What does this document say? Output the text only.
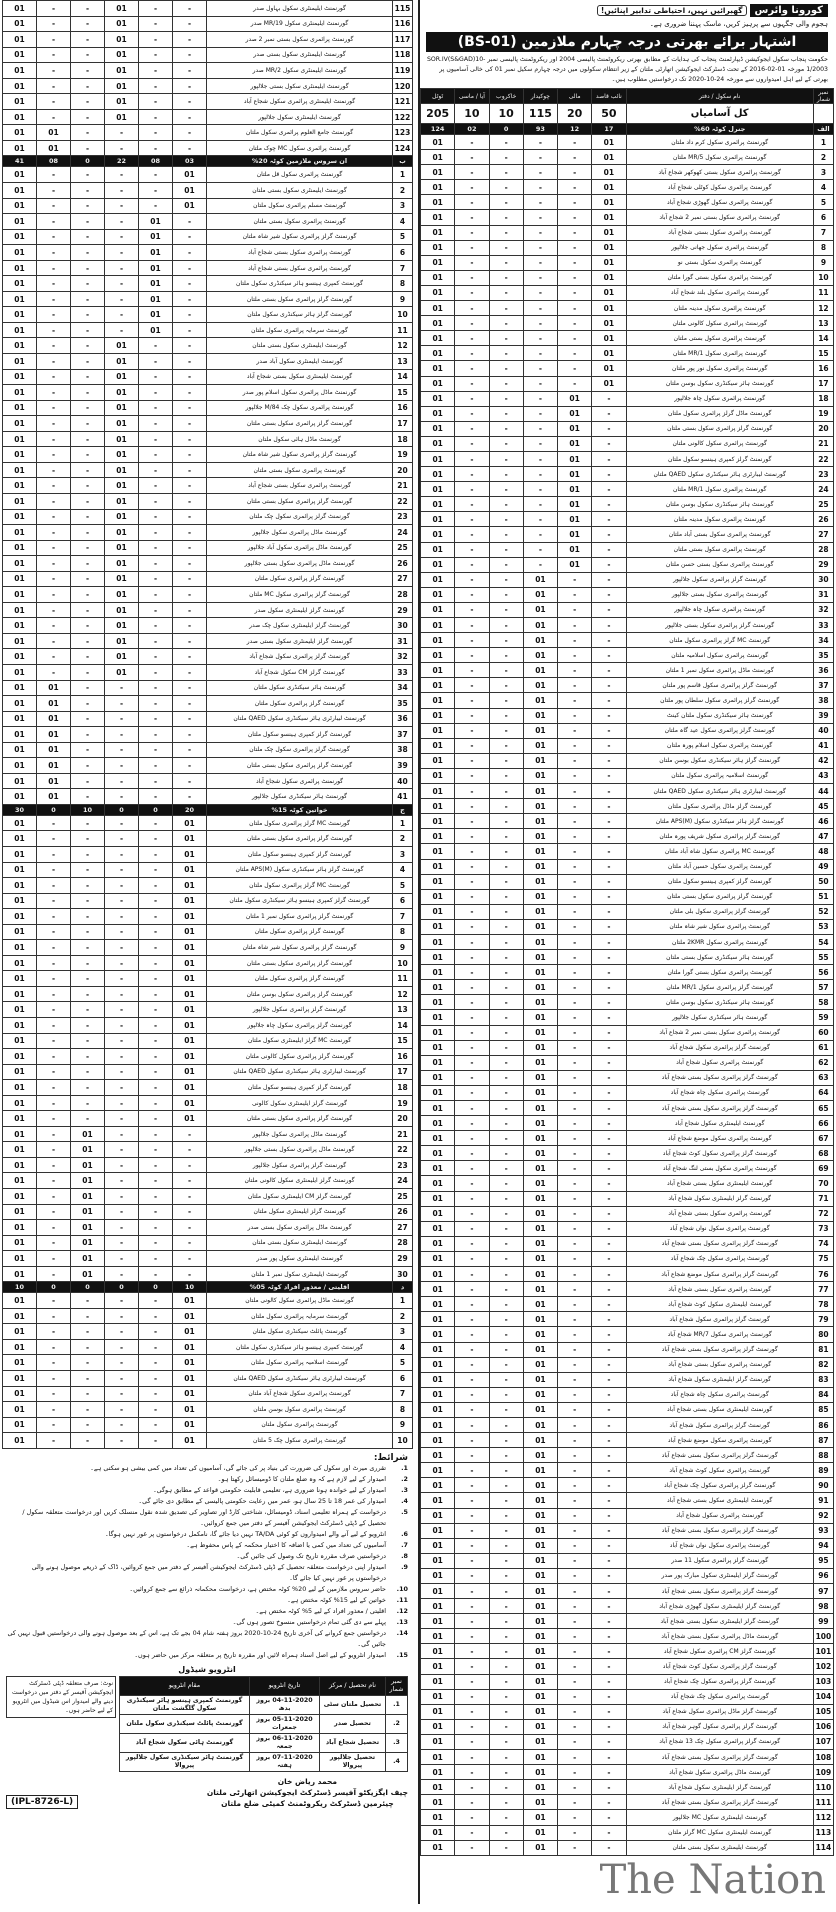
115	گورنمنٹ ایلیمنٹری سکول بہاول صدر	-	-	01	-	-	01
116	گورنمنٹ ایلیمنٹری سکول 19/MR صدر	-	-	01	-	-	01
117	گورنمنٹ پرائمری سکول بستی نمبر 2 صدر	-	-	01	-	-	01
118	گورنمنٹ ایلیمنٹری سکول بستی صدر	-	-	01	-	-	01
119	گورنمنٹ ایلیمنٹری سکول 2/MR صدر	-	-	01	-	-	01
120	گورنمنٹ ایلیمنٹری سکول بستی جلالپور	-	-	01	-	-	01
121	گورنمنٹ ایلیمنٹری پرائمری سکول شجاع آباد	-	-	01	-	-	01
122	گورنمنٹ ایلیمنٹری سکول جلالپور	-	-	01	-	-	01
123	گورنمنٹ جامع العلوم پرائمری سکول ملتان	-	-	-	-	01	01
124	گورنمنٹ پرائمری سکول MC چوک ملتان	-	-	-	-	01	01
ب	ان سروس ملازمین کوٹہ 20%	03	08	22	0	08	41
1	گورنمنٹ پرائمری سکول قل ملتان	01	-	-	-	-	01
2	گورنمنٹ ایلیمنٹری سکول بستی ملتان	01	-	-	-	-	01
3	گورنمنٹ مسلم پرائمری سکول ملتان	01	-	-	-	-	01
4	گورنمنٹ پرائمری سکول بستی ملتان	-	01	-	-	-	01
5	گورنمنٹ گرلز پرائمری سکول شیر شاہ ملتان	-	01	-	-	-	01
6	گورنمنٹ پرائمری سکول بستی شجاع آباد	-	01	-	-	-	01
7	گورنمنٹ پرائمری سکول بستی شجاع آباد	-	01	-	-	-	01
8	گورنمنٹ کمپری ہینسو ہائر سیکنڈری سکول ملتان	-	01	-	-	-	01
9	گورنمنٹ گرلز پرائمری سکول بستی ملتان	-	01	-	-	-	01
10	گورنمنٹ گرلز ہائر سیکنڈری سکول ملتان	-	01	-	-	-	01
11	گورنمنٹ سرمایہ پرائمری سکول ملتان	-	01	-	-	-	01
12	گورنمنٹ ایلیمنٹری سکول بستی ملتان	-	-	01	-	-	01
13	گورنمنٹ ایلیمنٹری سکول آباد صدر	-	-	01	-	-	01
14	گورنمنٹ ایلیمنٹری سکول بستی شجاع آباد	-	-	01	-	-	01
15	گورنمنٹ ماڈل پرائمری سکول اسلام پور صدر	-	-	01	-	-	01
16	گورنمنٹ پرائمری سکول چک 84/M جلالپور	-	-	01	-	-	01
17	گورنمنٹ گرلز پرائمری سکول بستی ملتان	-	-	01	-	-	01
18	گورنمنٹ ماڈل ہائی سکول ملتان	-	-	01	-	-	01
19	گورنمنٹ گرلز پرائمری سکول شیر شاہ ملتان	-	-	01	-	-	01
20	گورنمنٹ پرائمری سکول بستی ملتان	-	-	01	-	-	01
21	گورنمنٹ پرائمری سکول بستی شجاع آباد	-	-	01	-	-	01
22	گورنمنٹ گرلز پرائمری سکول بستی ملتان	-	-	01	-	-	01
23	گورنمنٹ گرلز پرائمری سکول چک ملتان	-	-	01	-	-	01
24	گورنمنٹ ماڈل پرائمری سکول جلالپور	-	-	01	-	-	01
25	گورنمنٹ ماڈل پرائمری سکول آباد جلالپور	-	-	01	-	-	01
26	گورنمنٹ ماڈل پرائمری سکول بستی جلالپور	-	-	01	-	-	01
27	گورنمنٹ گرلز پرائمری سکول ملتان	-	-	01	-	-	01
28	گورنمنٹ گرلز پرائمری سکول MC ملتان	-	-	01	-	-	01
29	گورنمنٹ گرلز ایلیمنٹری سکول صدر	-	-	01	-	-	01
30	گورنمنٹ گرلز ایلیمنٹری سکول چک صدر	-	-	01	-	-	01
31	گورنمنٹ گرلز ایلیمنٹری سکول بستی صدر	-	-	01	-	-	01
32	گورنمنٹ گرلز پرائمری سکول شجاع آباد	-	-	01	-	-	01
33	گورنمنٹ گرلز CM سکول شجاع آباد	-	-	01	-	-	01
34	گورنمنٹ ہائر سیکنڈری سکول ملتان	-	-	-	-	01	01
35	گورنمنٹ گرلز پرائمری سکول ملتان	-	-	-	-	01	01
36	گورنمنٹ لیبارٹری ہائر سیکنڈری سکول QAED ملتان	-	-	-	-	01	01
37	گورنمنٹ گرلز کمپری ہینسو سکول ملتان	-	-	-	-	01	01
38	گورنمنٹ گرلز پرائمری سکول چک ملتان	-	-	-	-	01	01
39	گورنمنٹ گرلز پرائمری سکول بستی ملتان	-	-	-	-	01	01
40	گورنمنٹ پرائمری سکول شجاع آباد	-	-	-	-	01	01
41	گورنمنٹ ہائر سیکنڈری سکول جلالپور	-	-	-	-	01	01
ج	خواتین کوٹہ 15%	20	0	0	10	0	30
1	گورنمنٹ MC گرلز پرائمری سکول ملتان	01	-	-	-	-	01
2	گورنمنٹ گرلز پرائمری سکول بستی ملتان	01	-	-	-	-	01
3	گورنمنٹ گرلز کمپری ہینسو سکول ملتان	01	-	-	-	-	01
4	گورنمنٹ گرلز ہائر سیکنڈری سکول APS(M) ملتان	01	-	-	-	-	01
5	گورنمنٹ MC گرلز پرائمری سکول ملتان	01	-	-	-	-	01
6	گورنمنٹ گرلز کمپری ہینسو ہائر سیکنڈری سکول ملتان	01	-	-	-	-	01
7	گورنمنٹ گرلز پرائمری سکول نمبر 1 ملتان	01	-	-	-	-	01
8	گورنمنٹ گرلز پرائمری سکول ملتان	01	-	-	-	-	01
9	گورنمنٹ گرلز پرائمری سکول شیر شاہ ملتان	01	-	-	-	-	01
10	گورنمنٹ گرلز پرائمری سکول بستی ملتان	01	-	-	-	-	01
11	گورنمنٹ گرلز پرائمری سکول ملتان	01	-	-	-	-	01
12	گورنمنٹ گرلز پرائمری سکول بوسن ملتان	01	-	-	-	-	01
13	گورنمنٹ گرلز پرائمری سکول جلالپور	01	-	-	-	-	01
14	گورنمنٹ گرلز پرائمری سکول چاہ جلالپور	01	-	-	-	-	01
15	گورنمنٹ MC گرلز ایلیمنٹری سکول ملتان	01	-	-	-	-	01
16	گورنمنٹ گرلز پرائمری سکول کالونی ملتان	01	-	-	-	-	01
17	گورنمنٹ لیبارٹری ہائر سیکنڈری سکول QAED ملتان	01	-	-	-	-	01
18	گورنمنٹ گرلز کمپری ہینسو سکول ملتان	01	-	-	-	-	01
19	گورنمنٹ گرلز ایلیمنٹری سکول کالونی	01	-	-	-	-	01
20	گورنمنٹ گرلز پرائمری سکول بستی ملتان	01	-	-	-	-	01
21	گورنمنٹ ماڈل پرائمری سکول جلالپور	-	-	-	01	-	01
22	گورنمنٹ ماڈل پرائمری سکول بستی جلالپور	-	-	-	01	-	01
23	گورنمنٹ گرلز پرائمری سکول جلالپور	-	-	-	01	-	01
24	گورنمنٹ گرلز ایلیمنٹری سکول کالونی ملتان	-	-	-	01	-	01
25	گورنمنٹ گرلز CM ایلیمنٹری سکول ملتان	-	-	-	01	-	01
26	گورنمنٹ گرلز ایلیمنٹری سکول ملتان	-	-	-	01	-	01
27	گورنمنٹ ماڈل پرائمری سکول بستی صدر	-	-	-	01	-	01
28	گورنمنٹ ایلیمنٹری سکول بستی ملتان	-	-	-	01	-	01
29	گورنمنٹ ایلیمنٹری سکول پور صدر	-	-	-	01	-	01
30	گورنمنٹ ایلیمنٹری سکول نمبر 1 ملتان	-	-	-	01	-	01
د	اقلیتی / معذور افراد کوٹہ 05%	10	0	0	0	0	10
1	گورنمنٹ ماڈل پرائمری سکول کالونی ملتان	01	-	-	-	-	01
2	گورنمنٹ سرمایہ پرائمری سکول ملتان	01	-	-	-	-	01
3	گورنمنٹ پائلٹ سیکنڈری سکول ملتان	01	-	-	-	-	01
4	گورنمنٹ کمپری ہینسو ہائر سیکنڈری سکول ملتان	01	-	-	-	-	01
5	گورنمنٹ اسلامیہ پرائمری سکول ملتان	01	-	-	-	-	01
6	گورنمنٹ لیبارٹری ہائر سیکنڈری سکول QAED ملتان	01	-	-	-	-	01
7	گورنمنٹ پرائمری سکول شجاع آباد ملتان	01	-	-	-	-	01
8	گورنمنٹ پرائمری سکول بوسن ملتان	01	-	-	-	-	01
9	گورنمنٹ پرائمری سکول ملتان	01	-	-	-	-	01
10	گورنمنٹ پرائمری سکول چک 5 ملتان	01	-	-	-	-	01
شرائط:
1.
تقرری میرٹ اور سکول کی ضرورت کی بنیاد پر کی جائے گی، آسامیوں کی تعداد میں کمی بیشی ہو سکتی ہے۔
2.
امیدوار کے لیے لازم ہے کہ وہ ضلع ملتان کا ڈومیسائل رکھتا ہو۔
3.
امیدوار کے لیے خواندہ ہونا ضروری ہے، تعلیمی قابلیت حکومتی قواعد کے مطابق ہوگی۔
4.
امیدوار کی عمر 18 تا 25 سال ہو، عمر میں رعایت حکومتی پالیسی کے مطابق دی جائے گی۔
5.
درخواست کے ہمراہ تعلیمی اسناد، ڈومیسائل، شناختی کارڈ اور تصاویر کی تصدیق شدہ نقول منسلک کریں اور درخواست متعلقہ سکول / تحصیل کے ڈپٹی ڈسٹرکٹ ایجوکیشن آفیسر کے دفتر میں جمع کروائیں۔
6.
انٹرویو کے لیے آنے والے امیدواروں کو کوئی TA/DA نہیں دیا جائے گا، نامکمل درخواستوں پر غور نہیں ہوگا۔
7.
آسامیوں کی تعداد میں کمی یا اضافہ کا اختیار محکمہ کے پاس محفوظ ہے۔
8.
درخواستیں صرف مقررہ تاریخ تک وصول کی جائیں گی۔
9.
امیدوار اپنی درخواست متعلقہ تحصیل کے ڈپٹی ڈسٹرکٹ ایجوکیشن آفیسر کے دفتر میں جمع کروائیں، ڈاک کے ذریعے موصول ہونے والی درخواستوں پر غور نہیں کیا جائے گا۔
10.
حاضر سروس ملازمین کے لیے 20% کوٹہ مختص ہے، درخواست محکمانہ ذرائع سے جمع کروائیں۔
11.
خواتین کے لیے 15% کوٹہ مختص ہے۔
12.
اقلیتی / معذور افراد کے لیے 5% کوٹہ مختص ہے۔
13.
پہلے سے دی گئی تمام درخواستیں منسوخ تصور ہوں گی۔
14.
درخواستیں جمع کروانے کی آخری تاریخ 24-10-2020 بروز ہفتہ شام 04 بجے تک ہے، اس کے بعد موصول ہونے والی درخواستیں قبول نہیں کی جائیں گی۔
15.
امیدوار انٹرویو کے لیے اصل اسناد ہمراہ لائیں اور مقررہ تاریخ پر متعلقہ مرکز میں حاضر ہوں۔
انٹرویو شیڈول
نمبر شمار	نام تحصیل / مرکز	تاریخ انٹرویو	مقام انٹرویو
1.	تحصیل ملتان سٹی	04-11-2020 بروز بدھ	گورنمنٹ کمپری ہینسو ہائر سیکنڈری سکول گلگشت ملتان
2.	تحصیل صدر	05-11-2020 بروز جمعرات	گورنمنٹ پائلٹ سیکنڈری سکول ملتان
3.	تحصیل شجاع آباد	06-11-2020 بروز جمعہ	گورنمنٹ ہائی سکول شجاع آباد
4.	تحصیل جلالپور پیروالا	07-11-2020 بروز ہفتہ	گورنمنٹ ہائر سیکنڈری سکول جلالپور پیروالا
نوٹ: صرف متعلقہ ڈپٹی ڈسٹرکٹ ایجوکیشن آفیسر کے دفتر میں درخواست دینے والے امیدوار اس شیڈول میں انٹرویو کے لیے حاضر ہوں۔
(IPL-8726-L)
محمد ریاض خان
چیف ایگزیکٹو آفیسر ڈسٹرکٹ ایجوکیشن اتھارٹی ملتان
چیئرمین ڈسٹرکٹ ریکروٹمنٹ کمیٹی ضلع ملتان
کورونا وائرس
گھبرائیں نہیں، احتیاطی تدابیر اپنائیں!
ہجوم والی جگہوں سے پرہیز کریں، ماسک پہننا ضروری ہے۔
اشتہار برائے بھرتی درجہ چہارم ملازمین (BS-01)
حکومت پنجاب سکول ایجوکیشن ڈیپارٹمنٹ پنجاب کی ہدایات کے مطابق بھرتی ریکروٹمنٹ پالیسی 2004 اور ریکروٹمنٹ پالیسی نمبر SOR.IV(S&GAD)10-1/2003 مورخہ 01-02-2016 کے تحت ڈسٹرکٹ ایجوکیشن اتھارٹی ملتان کے زیر انتظام سکولوں میں درجہ چہارم سکیل نمبر 01 کی خالی آسامیوں پر بھرتی کے لیے اہل امیدواروں سے مورخہ 24-10-2020 تک درخواستیں مطلوب ہیں۔
نمبر شمار	نام سکول / دفتر	نائب قاصد	مالی	چوکیدار	خاکروب	آیا / ماسی	ٹوٹل
	کل آسامیاں	50	20	115	10	10	205
الف	جنرل کوٹہ 60%	17	12	93	0	02	124
1	گورنمنٹ پرائمری سکول کرم داد ملتان	01	-	-	-	-	01
2	گورنمنٹ پرائمری سکول 5/MR ملتان	01	-	-	-	-	01
3	گورنمنٹ پرائمری سکول بستی کھوکھر شجاع آباد	01	-	-	-	-	01
4	گورنمنٹ پرائمری سکول کوٹلی شجاع آباد	01	-	-	-	-	01
5	گورنمنٹ پرائمری سکول گھوڑی شجاع آباد	01	-	-	-	-	01
6	گورنمنٹ پرائمری سکول بستی نمبر 2 شجاع آباد	01	-	-	-	-	01
7	گورنمنٹ پرائمری سکول بستی شجاع آباد	01	-	-	-	-	01
8	گورنمنٹ پرائمری سکول جھانی جلالپور	01	-	-	-	-	01
9	گورنمنٹ پرائمری سکول بستی نو	01	-	-	-	-	01
10	گورنمنٹ پرائمری سکول بستی گورا ملتان	01	-	-	-	-	01
11	گورنمنٹ پرائمری سکول بلند شجاع آباد	01	-	-	-	-	01
12	گورنمنٹ پرائمری سکول مدینہ ملتان	01	-	-	-	-	01
13	گورنمنٹ پرائمری سکول کالونی ملتان	01	-	-	-	-	01
14	گورنمنٹ پرائمری سکول بستی ملتان	01	-	-	-	-	01
15	گورنمنٹ پرائمری سکول 1/MR ملتان	01	-	-	-	-	01
16	گورنمنٹ پرائمری سکول نور پور ملتان	01	-	-	-	-	01
17	گورنمنٹ ہائر سیکنڈری سکول بوسن ملتان	01	-	-	-	-	01
18	گورنمنٹ پرائمری سکول چاہ جلالپور	-	01	-	-	-	01
19	گورنمنٹ ماڈل گرلز پرائمری سکول ملتان	-	01	-	-	-	01
20	گورنمنٹ گرلز پرائمری سکول بستی ملتان	-	01	-	-	-	01
21	گورنمنٹ پرائمری سکول کالونی ملتان	-	01	-	-	-	01
22	گورنمنٹ گرلز کمپری ہینسو سکول ملتان	-	01	-	-	-	01
23	گورنمنٹ لیبارٹری ہائر سیکنڈری سکول QAED ملتان	-	01	-	-	-	01
24	گورنمنٹ پرائمری سکول 1/MR ملتان	-	01	-	-	-	01
25	گورنمنٹ ہائر سیکنڈری سکول بوسن ملتان	-	01	-	-	-	01
26	گورنمنٹ پرائمری سکول مدینہ ملتان	-	01	-	-	-	01
27	گورنمنٹ پرائمری سکول بستی آباد ملتان	-	01	-	-	-	01
28	گورنمنٹ پرائمری سکول بستی ملتان	-	01	-	-	-	01
29	گورنمنٹ پرائمری سکول بستی حسن ملتان	-	01	-	-	-	01
30	گورنمنٹ گرلز پرائمری سکول جلالپور	-	-	01	-	-	01
31	گورنمنٹ پرائمری سکول بستی جلالپور	-	-	01	-	-	01
32	گورنمنٹ پرائمری سکول چاہ جلالپور	-	-	01	-	-	01
33	گورنمنٹ گرلز پرائمری سکول بستی جلالپور	-	-	01	-	-	01
34	گورنمنٹ MC گرلز پرائمری سکول ملتان	-	-	01	-	-	01
35	گورنمنٹ پرائمری سکول اسلامیہ ملتان	-	-	01	-	-	01
36	گورنمنٹ ماڈل پرائمری سکول نمبر 1 ملتان	-	-	01	-	-	01
37	گورنمنٹ گرلز پرائمری سکول قاسم پور ملتان	-	-	01	-	-	01
38	گورنمنٹ گرلز پرائمری سکول سلطان پور ملتان	-	-	01	-	-	01
39	گورنمنٹ ہائر سیکنڈری سکول ملتان کینٹ	-	-	01	-	-	01
40	گورنمنٹ گرلز پرائمری سکول عید گاہ ملتان	-	-	01	-	-	01
41	گورنمنٹ پرائمری سکول اسلام پورہ ملتان	-	-	01	-	-	01
42	گورنمنٹ گرلز ہائر سیکنڈری سکول بوسن ملتان	-	-	01	-	-	01
43	گورنمنٹ اسلامیہ پرائمری سکول ملتان	-	-	01	-	-	01
44	گورنمنٹ لیبارٹری ہائر سیکنڈری سکول QAED ملتان	-	-	01	-	-	01
45	گورنمنٹ گرلز ماڈل پرائمری سکول ملتان	-	-	01	-	-	01
46	گورنمنٹ گرلز ہائر سیکنڈری سکول APS(M) ملتان	-	-	01	-	-	01
47	گورنمنٹ گرلز پرائمری سکول شریف پورہ ملتان	-	-	01	-	-	01
48	گورنمنٹ MC پرائمری سکول شاہ آباد ملتان	-	-	01	-	-	01
49	گورنمنٹ پرائمری سکول حسین آباد ملتان	-	-	01	-	-	01
50	گورنمنٹ گرلز کمپری ہینسو سکول ملتان	-	-	01	-	-	01
51	گورنمنٹ گرلز پرائمری سکول بستی ملتان	-	-	01	-	-	01
52	گورنمنٹ گرلز پرائمری سکول بلی ملتان	-	-	01	-	-	01
53	گورنمنٹ پرائمری سکول شیر شاہ ملتان	-	-	01	-	-	01
54	گورنمنٹ پرائمری سکول 2KMR ملتان	-	-	01	-	-	01
55	گورنمنٹ ہائر سیکنڈری سکول بستی ملتان	-	-	01	-	-	01
56	گورنمنٹ پرائمری سکول بستی گورا ملتان	-	-	01	-	-	01
57	گورنمنٹ گرلز پرائمری سکول 1/MR ملتان	-	-	01	-	-	01
58	گورنمنٹ ہائر سیکنڈری سکول بوسن ملتان	-	-	01	-	-	01
59	گورنمنٹ ہائر سیکنڈری سکول جلالپور	-	-	01	-	-	01
60	گورنمنٹ پرائمری سکول بستی نمبر 2 شجاع آباد	-	-	01	-	-	01
61	گورنمنٹ گرلز پرائمری سکول شجاع آباد	-	-	01	-	-	01
62	گورنمنٹ پرائمری سکول شجاع آباد	-	-	01	-	-	01
63	گورنمنٹ گرلز پرائمری سکول بستی شجاع آباد	-	-	01	-	-	01
64	گورنمنٹ پرائمری سکول چاہ شجاع آباد	-	-	01	-	-	01
65	گورنمنٹ گرلز پرائمری سکول بستی شجاع آباد	-	-	01	-	-	01
66	گورنمنٹ ایلیمنٹری سکول شجاع آباد	-	-	01	-	-	01
67	گورنمنٹ پرائمری سکول موضع شجاع آباد	-	-	01	-	-	01
68	گورنمنٹ گرلز پرائمری سکول کوٹ شجاع آباد	-	-	01	-	-	01
69	گورنمنٹ پرائمری سکول بستی لنگ شجاع آباد	-	-	01	-	-	01
70	گورنمنٹ ایلیمنٹری سکول بستی شجاع آباد	-	-	01	-	-	01
71	گورنمنٹ گرلز ایلیمنٹری سکول شجاع آباد	-	-	01	-	-	01
72	گورنمنٹ پرائمری سکول بستی شجاع آباد	-	-	01	-	-	01
73	گورنمنٹ پرائمری سکول نواں شجاع آباد	-	-	01	-	-	01
74	گورنمنٹ گرلز پرائمری سکول بستی شجاع آباد	-	-	01	-	-	01
75	گورنمنٹ پرائمری سکول چک شجاع آباد	-	-	01	-	-	01
76	گورنمنٹ گرلز پرائمری سکول موضع شجاع آباد	-	-	01	-	-	01
77	گورنمنٹ پرائمری سکول بستی شجاع آباد	-	-	01	-	-	01
78	گورنمنٹ ایلیمنٹری سکول کوٹ شجاع آباد	-	-	01	-	-	01
79	گورنمنٹ گرلز پرائمری سکول شجاع آباد	-	-	01	-	-	01
80	گورنمنٹ پرائمری سکول 7/MR شجاع آباد	-	-	01	-	-	01
81	گورنمنٹ گرلز پرائمری سکول بستی شجاع آباد	-	-	01	-	-	01
82	گورنمنٹ پرائمری سکول بستی شجاع آباد	-	-	01	-	-	01
83	گورنمنٹ گرلز ایلیمنٹری سکول شجاع آباد	-	-	01	-	-	01
84	گورنمنٹ پرائمری سکول چاہ شجاع آباد	-	-	01	-	-	01
85	گورنمنٹ ایلیمنٹری سکول بستی شجاع آباد	-	-	01	-	-	01
86	گورنمنٹ گرلز پرائمری سکول شجاع آباد	-	-	01	-	-	01
87	گورنمنٹ پرائمری سکول موضع شجاع آباد	-	-	01	-	-	01
88	گورنمنٹ گرلز پرائمری سکول بستی شجاع آباد	-	-	01	-	-	01
89	گورنمنٹ پرائمری سکول کوٹ شجاع آباد	-	-	01	-	-	01
90	گورنمنٹ گرلز پرائمری سکول چک شجاع آباد	-	-	01	-	-	01
91	گورنمنٹ ایلیمنٹری سکول بستی شجاع آباد	-	-	01	-	-	01
92	گورنمنٹ پرائمری سکول شجاع آباد	-	-	01	-	-	01
93	گورنمنٹ گرلز پرائمری سکول بستی شجاع آباد	-	-	01	-	-	01
94	گورنمنٹ پرائمری سکول نواں شجاع آباد	-	-	01	-	-	01
95	گورنمنٹ گرلز پرائمری سکول 11 صدر	-	-	01	-	-	01
96	گورنمنٹ گرلز ایلیمنٹری سکول مبارک پور صدر	-	-	01	-	-	01
97	گورنمنٹ گرلز پرائمری سکول بستی شجاع آباد	-	-	01	-	-	01
98	گورنمنٹ گرلز ایلیمنٹری سکول گھوڑی شجاع آباد	-	-	01	-	-	01
99	گورنمنٹ گرلز ایلیمنٹری سکول بستی شجاع آباد	-	-	01	-	-	01
100	گورنمنٹ ماڈل پرائمری سکول بستی شجاع آباد	-	-	01	-	-	01
101	گورنمنٹ گرلز CM پرائمری سکول شجاع آباد	-	-	01	-	-	01
102	گورنمنٹ گرلز پرائمری سکول کوٹ شجاع آباد	-	-	01	-	-	01
103	گورنمنٹ گرلز پرائمری سکول چک شجاع آباد	-	-	01	-	-	01
104	گورنمنٹ پرائمری سکول چک شجاع آباد	-	-	01	-	-	01
105	گورنمنٹ گرلز ماڈل پرائمری سکول شجاع آباد	-	-	01	-	-	01
106	گورنمنٹ گرلز پرائمری سکول گوہر شجاع آباد	-	-	01	-	-	01
107	گورنمنٹ گرلز پرائمری سکول چک 13 شجاع آباد	-	-	01	-	-	01
108	گورنمنٹ گرلز پرائمری سکول بستی شجاع آباد	-	-	01	-	-	01
109	گورنمنٹ ماڈل پرائمری سکول شجاع آباد	-	-	01	-	-	01
110	گورنمنٹ گرلز ایلیمنٹری سکول شجاع آباد	-	-	01	-	-	01
111	گورنمنٹ گرلز پرائمری سکول بستی شجاع آباد	-	-	01	-	-	01
112	گورنمنٹ ایلیمنٹری سکول MC جلالپور	-	-	01	-	-	01
113	گورنمنٹ ایلیمنٹری سکول MC گرلز ملتان	-	-	01	-	-	01
114	گورنمنٹ ایلیمنٹری سکول بستی ملتان	-	-	01	-	-	01
The Nation
